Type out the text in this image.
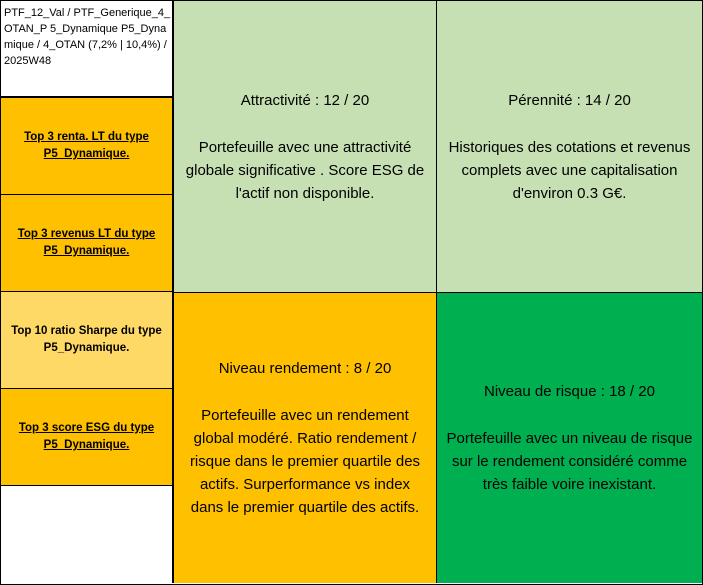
PTF_12_Val / PTF_Generique_4_OTAN_P 5_Dynamique P5_Dynamique / 4_OTAN (7,2% | 10,4%) / 2025W48
Top 3 renta. LT du type P5_Dynamique.
Top 3 revenus LT du type P5_Dynamique.
Top 10 ratio Sharpe du type P5_Dynamique.
Top 3 score ESG du type P5_Dynamique.
Attractivité : 12 / 20
Portefeuille avec une attractivité globale significative . Score ESG de l'actif non disponible.
Pérennité : 14 / 20
Historiques des cotations et revenus complets avec une capitalisation d'environ 0.3 G€.
Niveau rendement : 8 / 20
Portefeuille avec un rendement global modéré. Ratio rendement / risque dans le premier quartile des actifs. Surperformance vs index dans le premier quartile des actifs.
Niveau de risque : 18 / 20
Portefeuille avec un niveau de risque sur le rendement considéré comme très faible voire inexistant.
